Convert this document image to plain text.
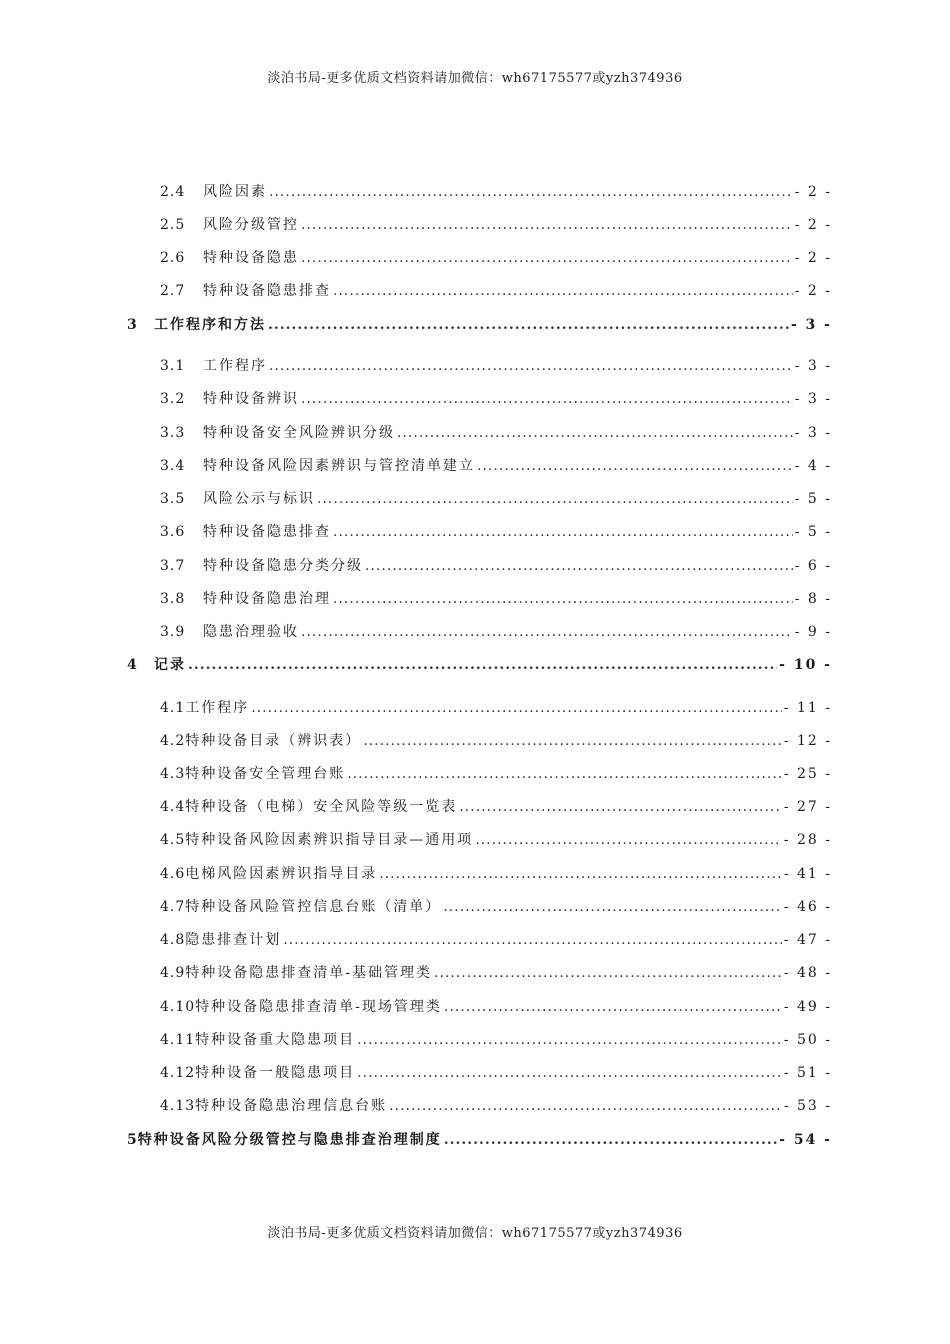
淡泊书局-更多优质文档资料请加微信：wh67175577或yzh374936
2.4	风险因素 .....	- 2 -
2.5	风险分级管控 .....	- 2 -
2.6	特种设备隐患 .....	- 2 -
2.7	特种设备隐患排查 .....	- 2 -
3	工作程序和方法 .....	- 3 -
3.1	工作程序 .....	- 3 -
3.2	特种设备辨识 .....	- 3 -
3.3	特种设备安全风险辨识分级 .....	- 3 -
3.4	特种设备风险因素辨识与管控清单建立 .....	- 4 -
3.5	风险公示与标识 .....	- 5 -
3.6	特种设备隐患排查 .....	- 5 -
3.7	特种设备隐患分类分级 .....	- 6 -
3.8	特种设备隐患治理 .....	- 8 -
3.9	隐患治理验收 .....	- 9 -
4	记录 .....	- 10 -
4.1 工作程序 .....	- 11 -
4.2 特种设备目录（辨识表） .....	- 12 -
4.3 特种设备安全管理台账 .....	- 25 -
4.4 特种设备（电梯）安全风险等级一览表 .....	- 27 -
4.5 特种设备风险因素辨识指导目录—通用项 .....	- 28 -
4.6 电梯风险因素辨识指导目录 .....	- 41 -
4.7 特种设备风险管控信息台账（清单） .....	- 46 -
4.8 隐患排查计划 .....	- 47 -
4.9 特种设备隐患排查清单-基础管理类 .....	- 48 -
4.10 特种设备隐患排查清单-现场管理类 .....	- 49 -
4.11 特种设备重大隐患项目 .....	- 50 -
4.12 特种设备一般隐患项目 .....	- 51 -
4.13 特种设备隐患治理信息台账 .....	- 53 -
5 特种设备风险分级管控与隐患排查治理制度 .....	- 54 -
淡泊书局-更多优质文档资料请加微信：wh67175577或yzh374936
